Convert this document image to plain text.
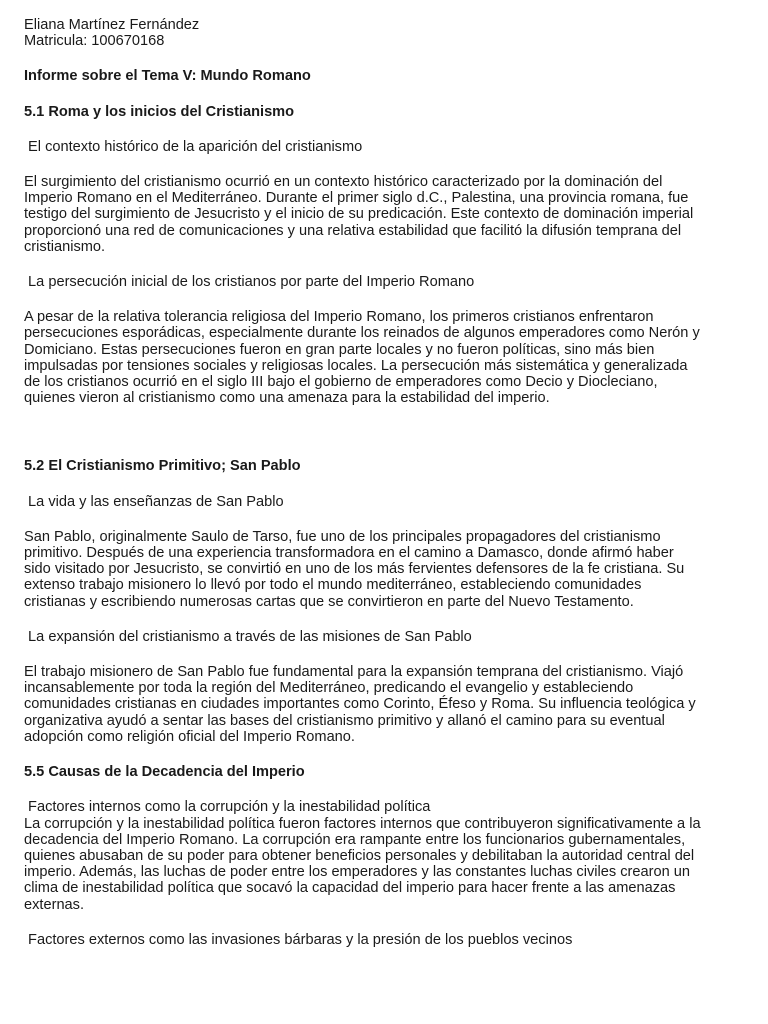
Eliana Martínez Fernández

Matricula: 100670168

Informe sobre el Tema V: Mundo Romano
5.1 Roma y los inicios del Cristianismo

El contexto histórico de la aparición del cristianismo

El surgimiento del cristianismo ocurrió en un contexto histórico caracterizado por la dominación del
Imperio Romano en el Mediterráneo. Durante el primer siglo d.C., Palestina, una provincia romana, fue
testigo del surgimiento de Jesucristo y el inicio de su predicación. Este contexto de dominación imperial
proporcionó una red de comunicaciones y una relativa estabilidad que facilitó la difusión temprana del
cristianismo.

La persecución inicial de los cristianos por parte del Imperio Romano

A pesar de la relativa tolerancia religiosa del Imperio Romano, los primeros cristianos enfrentaron
persecuciones esporádicas, especialmente durante los reinados de algunos emperadores como Nerón y
Domiciano. Estas persecuciones fueron en gran parte locales y no fueron políticas, sino más bien
impulsadas por tensiones sociales y religiosas locales. La persecución más sistemática y generalizada
de los cristianos ocurrió en el siglo III bajo el gobierno de emperadores como Decio y Diocleciano,
quienes vieron al cristianismo como una amenaza para la estabilidad del imperio.
5.2 El Cristianismo Primitivo; San Pablo

La vida y las enseñanzas de San Pablo

San Pablo, originalmente Saulo de Tarso, fue uno de los principales propagadores del cristianismo
primitivo. Después de una experiencia transformadora en el camino a Damasco, donde afirmó haber
sido visitado por Jesucristo, se convirtió en uno de los más fervientes defensores de la fe cristiana. Su
extenso trabajo misionero lo llevó por todo el mundo mediterráneo, estableciendo comunidades
cristianas y escribiendo numerosas cartas que se convirtieron en parte del Nuevo Testamento.

La expansión del cristianismo a través de las misiones de San Pablo

El trabajo misionero de San Pablo fue fundamental para la expansión temprana del cristianismo. Viajó
incansablemente por toda la región del Mediterráneo, predicando el evangelio y estableciendo
comunidades cristianas en ciudades importantes como Corinto, Éfeso y Roma. Su influencia teológica y
organizativa ayudó a sentar las bases del cristianismo primitivo y allanó el camino para su eventual
adopción como religión oficial del Imperio Romano.
5.5 Causas de la Decadencia del Imperio

Factores internos como la corrupción y la inestabilidad política

La corrupción y la inestabilidad política fueron factores internos que contribuyeron significativamente a la
decadencia del Imperio Romano. La corrupción era rampante entre los funcionarios gubernamentales,
quienes abusaban de su poder para obtener beneficios personales y debilitaban la autoridad central del
imperio. Además, las luchas de poder entre los emperadores y las constantes luchas civiles crearon un
clima de inestabilidad política que socavó la capacidad del imperio para hacer frente a las amenazas
externas.

Factores externos como las invasiones bárbaras y la presión de los pueblos vecinos
